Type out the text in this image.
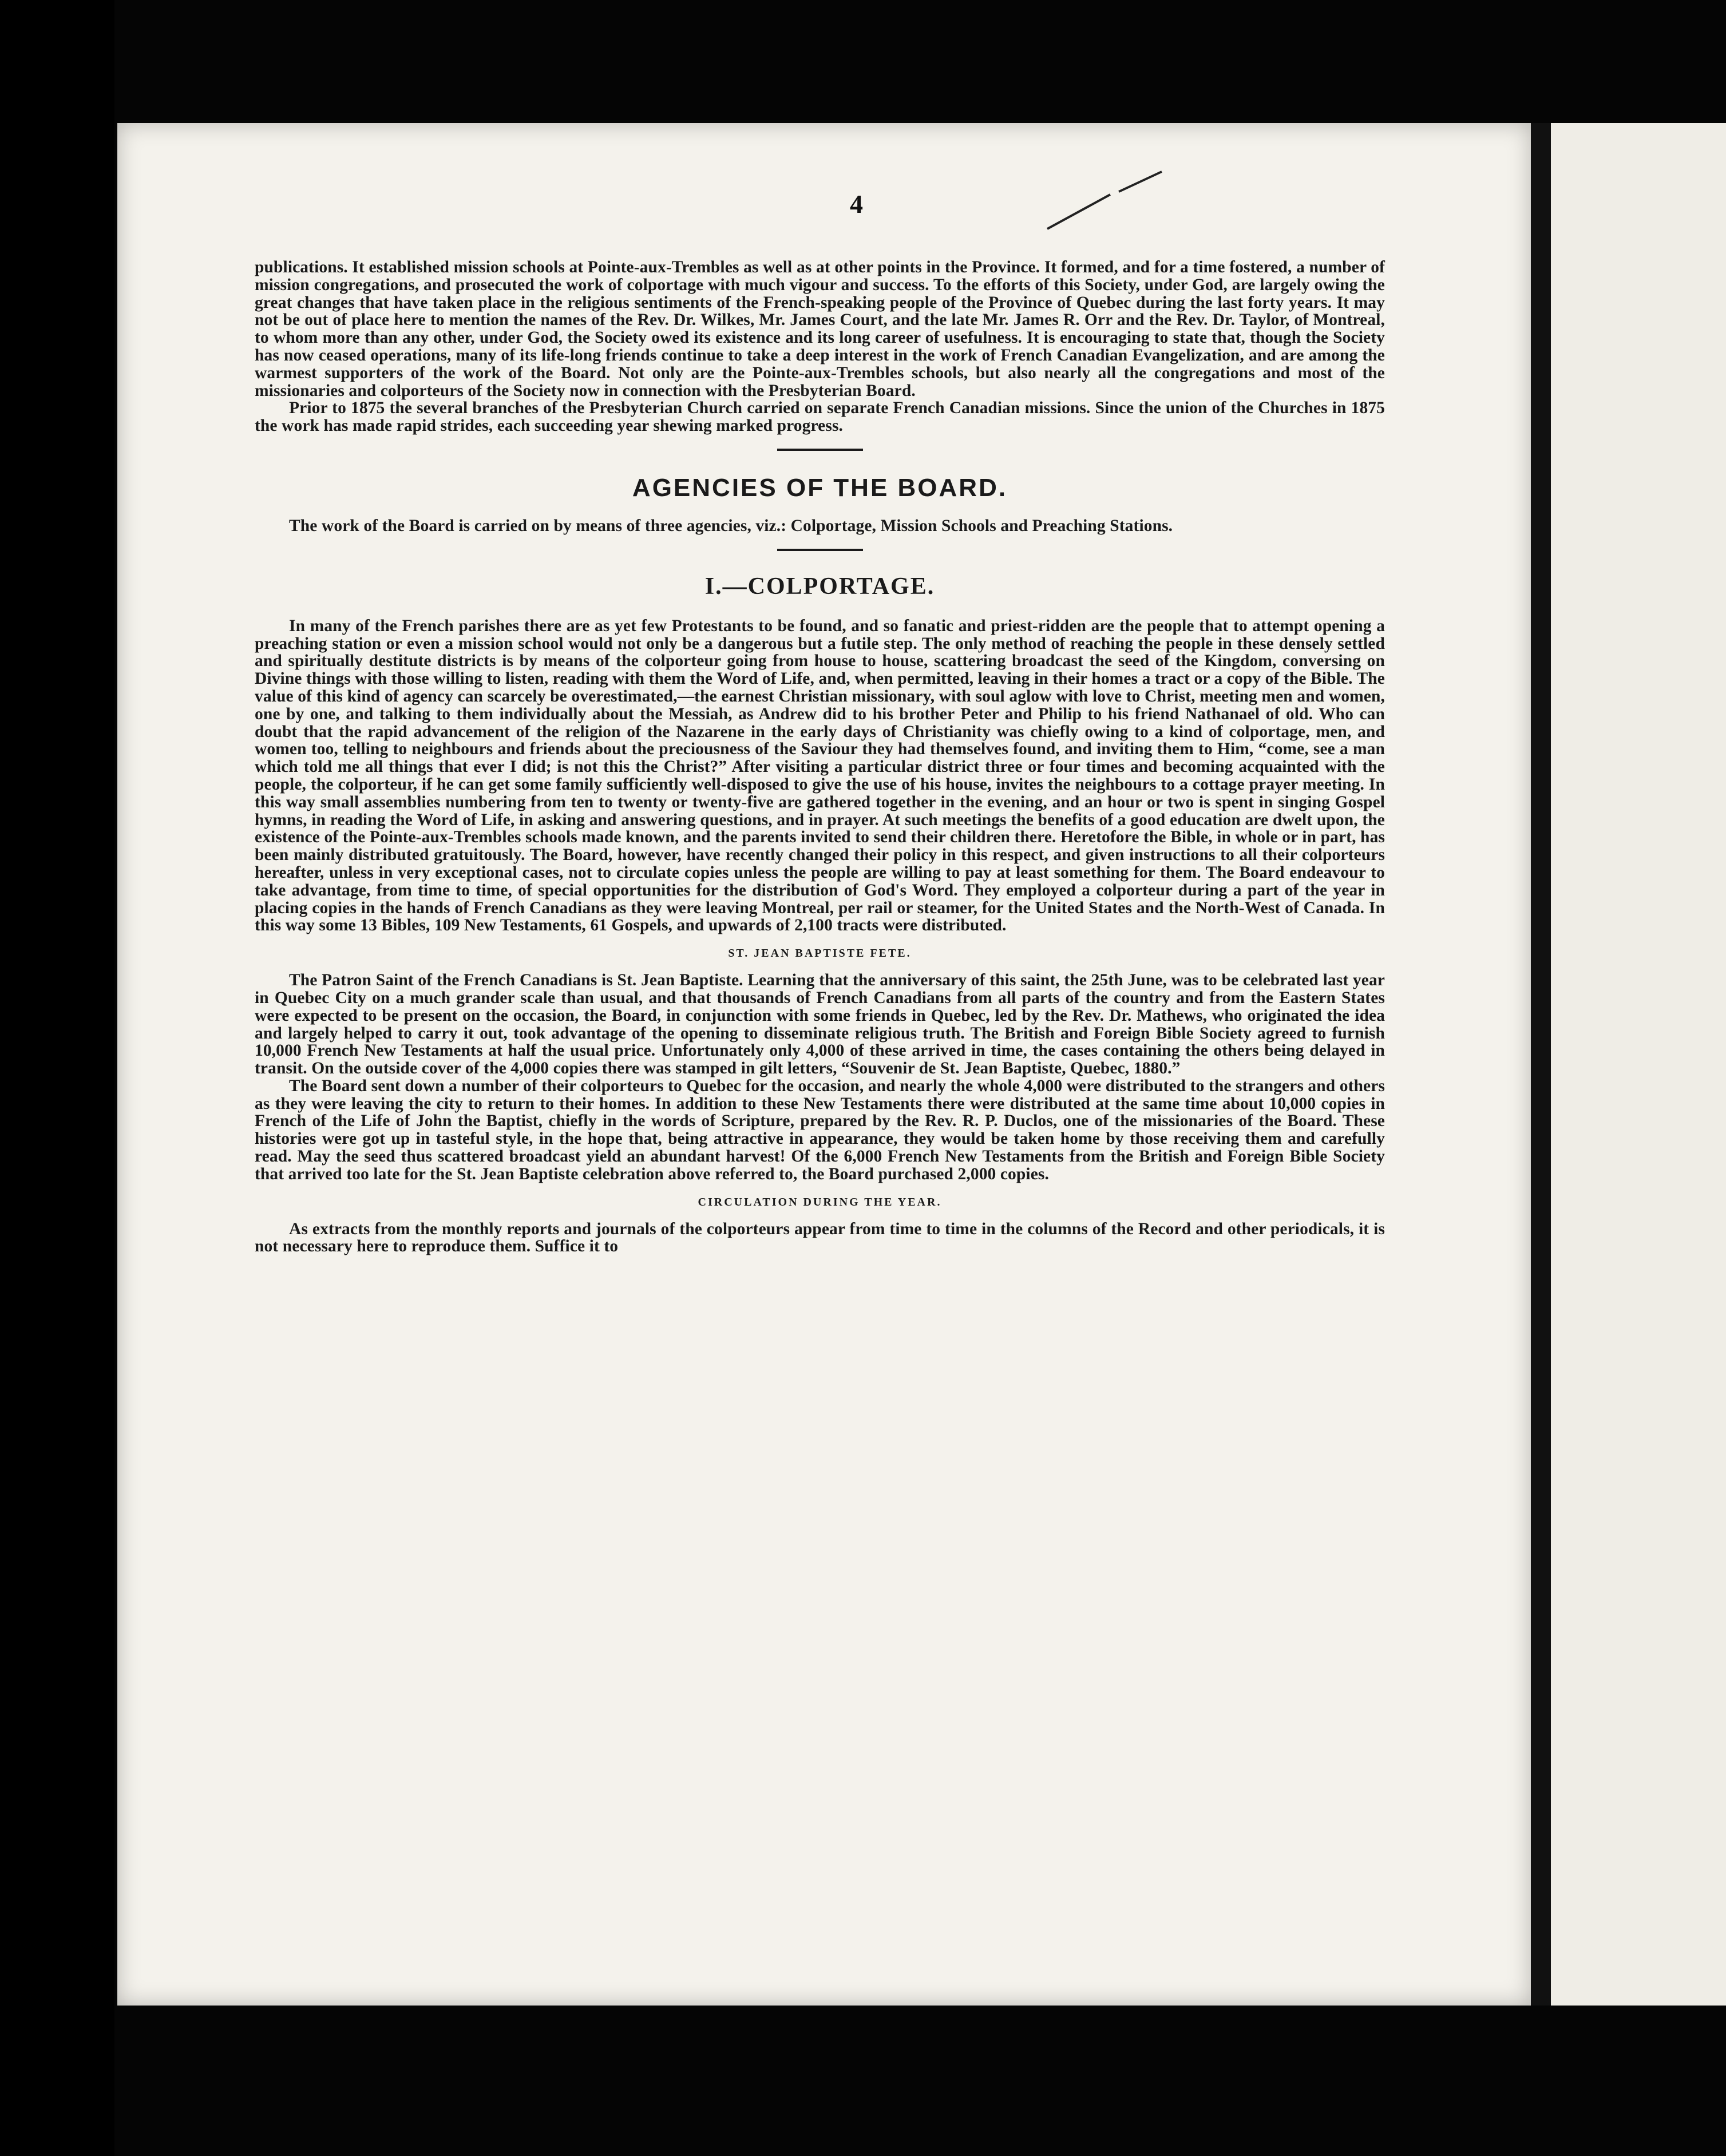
4

publications. It established mission schools at Pointe-aux-Trembles as well as at other points in the Province. It formed, and for a time fostered, a number of mission congregations, and prosecuted the work of colportage with much vigour and success. To the efforts of this Society, under God, are largely owing the great changes that have taken place in the religious sentiments of the French-speaking people of the Province of Quebec during the last forty years. It may not be out of place here to mention the names of the Rev. Dr. Wilkes, Mr. James Court, and the late Mr. James R. Orr and the Rev. Dr. Taylor, of Montreal, to whom more than any other, under God, the Society owed its existence and its long career of usefulness. It is encouraging to state that, though the Society has now ceased operations, many of its life-long friends continue to take a deep interest in the work of French Canadian Evangelization, and are among the warmest supporters of the work of the Board. Not only are the Pointe-aux-Trembles schools, but also nearly all the congregations and most of the missionaries and colporteurs of the Society now in connection with the Presbyterian Board.

Prior to 1875 the several branches of the Presbyterian Church carried on separate French Canadian missions. Since the union of the Churches in 1875 the work has made rapid strides, each succeeding year shewing marked progress.

AGENCIES OF THE BOARD.

The work of the Board is carried on by means of three agencies, viz.: Colportage, Mission Schools and Preaching Stations.

I.—COLPORTAGE.

In many of the French parishes there are as yet few Protestants to be found, and so fanatic and priest-ridden are the people that to attempt opening a preaching station or even a mission school would not only be a dangerous but a futile step. The only method of reaching the people in these densely settled and spiritually destitute districts is by means of the colporteur going from house to house, scattering broadcast the seed of the Kingdom, conversing on Divine things with those willing to listen, reading with them the Word of Life, and, when permitted, leaving in their homes a tract or a copy of the Bible. The value of this kind of agency can scarcely be overestimated,—the earnest Christian missionary, with soul aglow with love to Christ, meeting men and women, one by one, and talking to them individually about the Messiah, as Andrew did to his brother Peter and Philip to his friend Nathanael of old. Who can doubt that the rapid advancement of the religion of the Nazarene in the early days of Christianity was chiefly owing to a kind of colportage, men, and women too, telling to neighbours and friends about the preciousness of the Saviour they had themselves found, and inviting them to Him, “come, see a man which told me all things that ever I did; is not this the Christ?” After visiting a particular district three or four times and becoming acquainted with the people, the colporteur, if he can get some family sufficiently well-disposed to give the use of his house, invites the neighbours to a cottage prayer meeting. In this way small assemblies numbering from ten to twenty or twenty-five are gathered together in the evening, and an hour or two is spent in singing Gospel hymns, in reading the Word of Life, in asking and answering questions, and in prayer. At such meetings the benefits of a good education are dwelt upon, the existence of the Pointe-aux-Trembles schools made known, and the parents invited to send their children there. Heretofore the Bible, in whole or in part, has been mainly distributed gratuitously. The Board, however, have recently changed their policy in this respect, and given instructions to all their colporteurs hereafter, unless in very exceptional cases, not to circulate copies unless the people are willing to pay at least something for them. The Board endeavour to take advantage, from time to time, of special opportunities for the distribution of God's Word. They employed a colporteur during a part of the year in placing copies in the hands of French Canadians as they were leaving Montreal, per rail or steamer, for the United States and the North-West of Canada. In this way some 13 Bibles, 109 New Testaments, 61 Gospels, and upwards of 2,100 tracts were distributed.

ST. JEAN BAPTISTE FETE.

The Patron Saint of the French Canadians is St. Jean Baptiste. Learning that the anniversary of this saint, the 25th June, was to be celebrated last year in Quebec City on a much grander scale than usual, and that thousands of French Canadians from all parts of the country and from the Eastern States were expected to be present on the occasion, the Board, in conjunction with some friends in Quebec, led by the Rev. Dr. Mathews, who originated the idea and largely helped to carry it out, took advantage of the opening to disseminate religious truth. The British and Foreign Bible Society agreed to furnish 10,000 French New Testaments at half the usual price. Unfortunately only 4,000 of these arrived in time, the cases containing the others being delayed in transit. On the outside cover of the 4,000 copies there was stamped in gilt letters, “Souvenir de St. Jean Baptiste, Quebec, 1880.”

The Board sent down a number of their colporteurs to Quebec for the occasion, and nearly the whole 4,000 were distributed to the strangers and others as they were leaving the city to return to their homes. In addition to these New Testaments there were distributed at the same time about 10,000 copies in French of the Life of John the Baptist, chiefly in the words of Scripture, prepared by the Rev. R. P. Duclos, one of the missionaries of the Board. These histories were got up in tasteful style, in the hope that, being attractive in appearance, they would be taken home by those receiving them and carefully read. May the seed thus scattered broadcast yield an abundant harvest! Of the 6,000 French New Testaments from the British and Foreign Bible Society that arrived too late for the St. Jean Baptiste celebration above referred to, the Board purchased 2,000 copies.

CIRCULATION DURING THE YEAR.

As extracts from the monthly reports and journals of the colporteurs appear from time to time in the columns of the Record and other periodicals, it is not necessary here to reproduce them. Suffice it to
